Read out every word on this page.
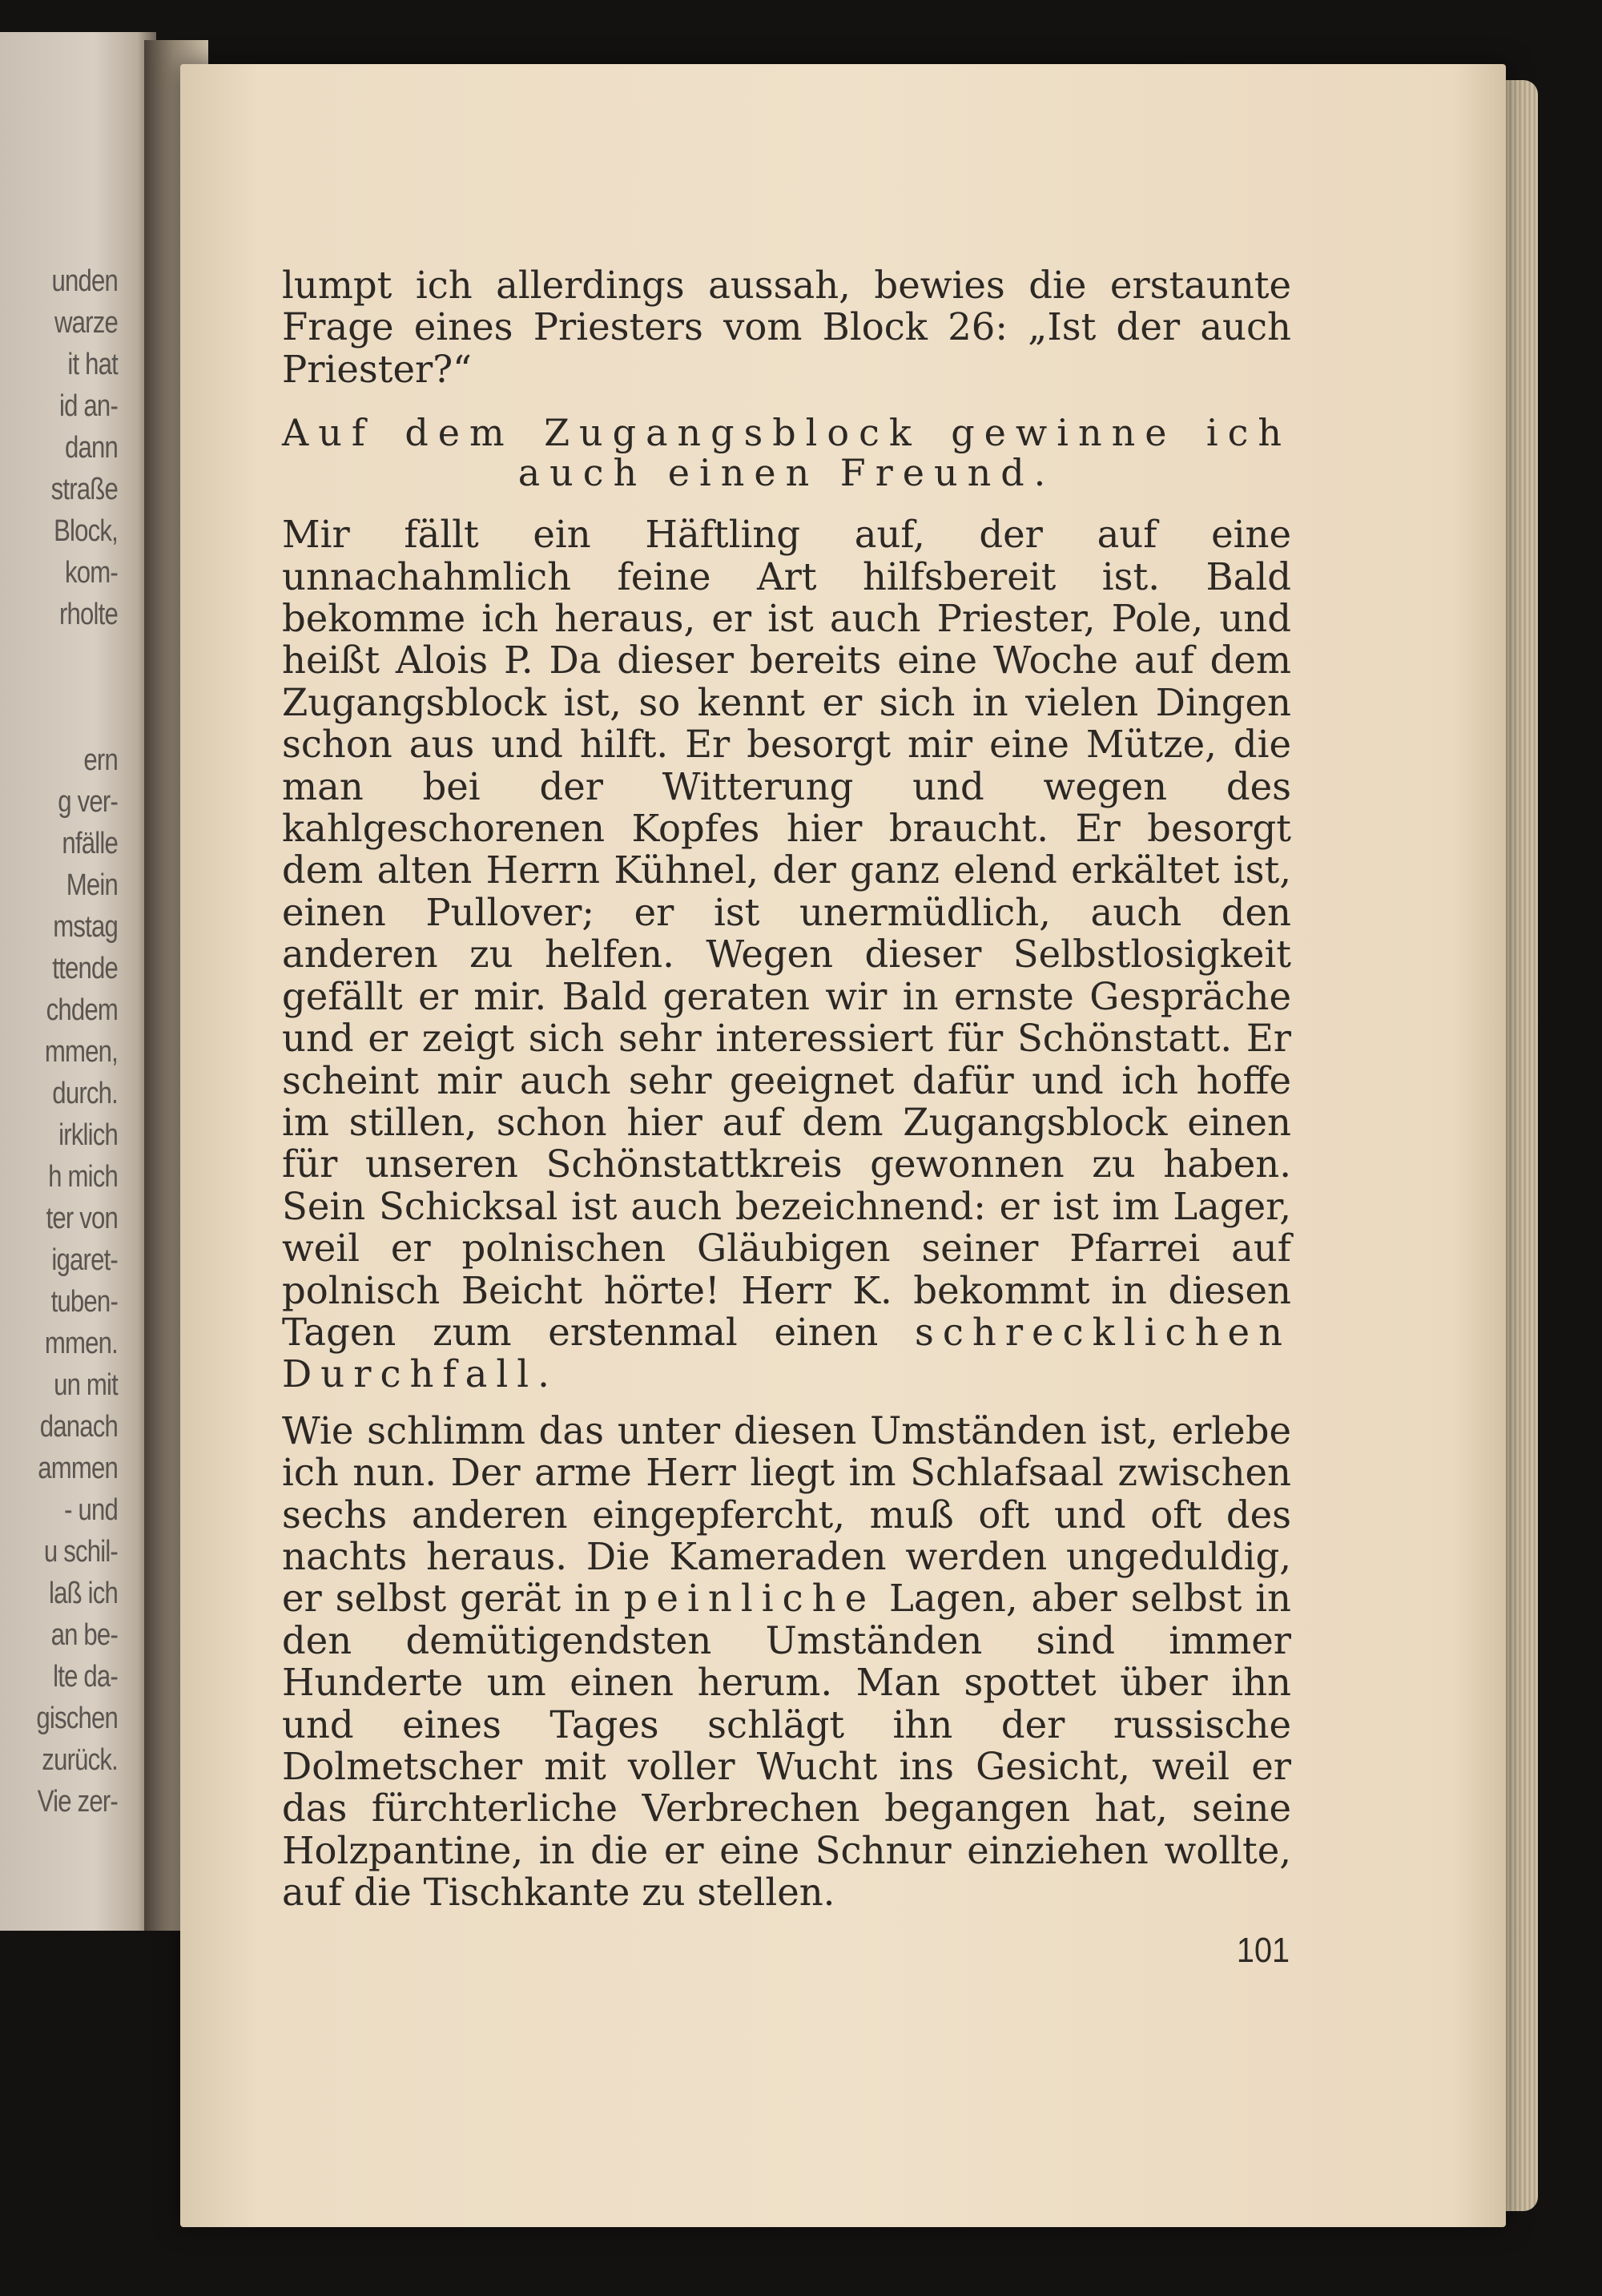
unden
warze
it hat
id an-
dann
straße
Block,
kom-
rholte
ern
g ver-
nfälle
Mein
mstag
ttende
chdem
mmen,
durch.
irklich
h mich
ter von
igaret-
tuben-
mmen.
un mit
danach
ammen
- und
u schil-
laß ich
an be-
lte da-
gischen
zurück.
Vie zer-

lumpt ich allerdings aussah, bewies die erstaunte Frage eines Priesters vom Block 26: „Ist der auch Priester?“

Auf dem Zugangsblock gewinne ich
auch einen Freund.

Mir fällt ein Häftling auf, der auf eine unnachahmlich feine Art hilfsbereit ist. Bald bekomme ich heraus, er ist auch Priester, Pole, und heißt Alois P. Da dieser bereits eine Woche auf dem Zugangsblock ist, so kennt er sich in vielen Dingen schon aus und hilft. Er besorgt mir eine Mütze, die man bei der Witterung und wegen des kahlgeschorenen Kopfes hier braucht. Er besorgt dem alten Herrn Kühnel, der ganz elend erkältet ist, einen Pullover; er ist unermüdlich, auch den anderen zu helfen. Wegen dieser Selbstlosigkeit gefällt er mir. Bald geraten wir in ernste Gespräche und er zeigt sich sehr interessiert für Schönstatt. Er scheint mir auch sehr geeignet dafür und ich hoffe im stillen, schon hier auf dem Zugangsblock einen für unseren Schönstattkreis gewonnen zu haben. Sein Schicksal ist auch bezeichnend: er ist im Lager, weil er polnischen Gläubigen seiner Pfarrei auf polnisch Beicht hörte! Herr K. bekommt in diesen Tagen zum erstenmal einen schrecklichen Durchfall.

Wie schlimm das unter diesen Umständen ist, erlebe ich nun. Der arme Herr liegt im Schlafsaal zwischen sechs anderen eingepfercht, muß oft und oft des nachts heraus. Die Kameraden werden ungeduldig, er selbst gerät in peinliche Lagen, aber selbst in den demütigendsten Umständen sind immer Hunderte um einen herum. Man spottet über ihn und eines Tages schlägt ihn der russische Dolmetscher mit voller Wucht ins Gesicht, weil er das fürchterliche Verbrechen begangen hat, seine Holzpantine, in die er eine Schnur einziehen wollte, auf die Tischkante zu stellen.

101
